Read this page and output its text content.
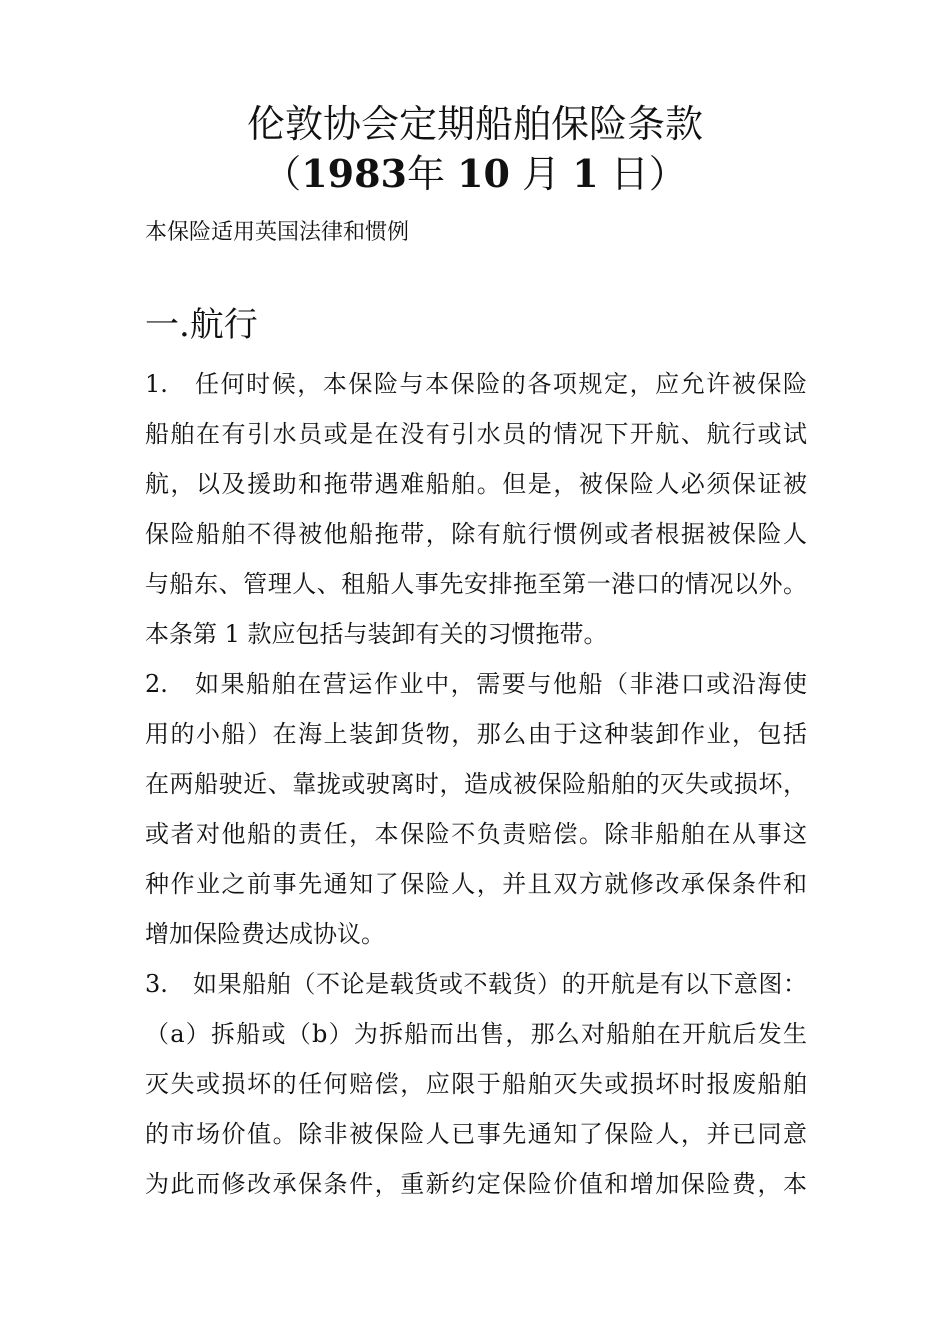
伦敦协会定期船舶保险条款
（1983年 10 月 1 日）
本保险适用英国法律和惯例
一.航行
1.　任何时候，本保险与本保险的各项规定，应允许被保险
船舶在有引水员或是在没有引水员的情况下开航、航行或试
航，以及援助和拖带遇难船舶。但是，被保险人必须保证被
保险船舶不得被他船拖带，除有航行惯例或者根据被保险人
与船东、管理人、租船人事先安排拖至第一港口的情况以外。
本条第 1 款应包括与装卸有关的习惯拖带。
2.　如果船舶在营运作业中，需要与他船（非港口或沿海使
用的小船）在海上装卸货物，那么由于这种装卸作业，包括
在两船驶近、靠拢或驶离时，造成被保险船舶的灭失或损坏，
或者对他船的责任，本保险不负责赔偿。除非船舶在从事这
种作业之前事先通知了保险人，并且双方就修改承保条件和
增加保险费达成协议。
3.　如果船舶（不论是载货或不载货）的开航是有以下意图：
（a）拆船或（b）为拆船而出售，那么对船舶在开航后发生
灭失或损坏的任何赔偿，应限于船舶灭失或损坏时报废船舶
的市场价值。除非被保险人已事先通知了保险人，并已同意
为此而修改承保条件，重新约定保险价值和增加保险费，本
